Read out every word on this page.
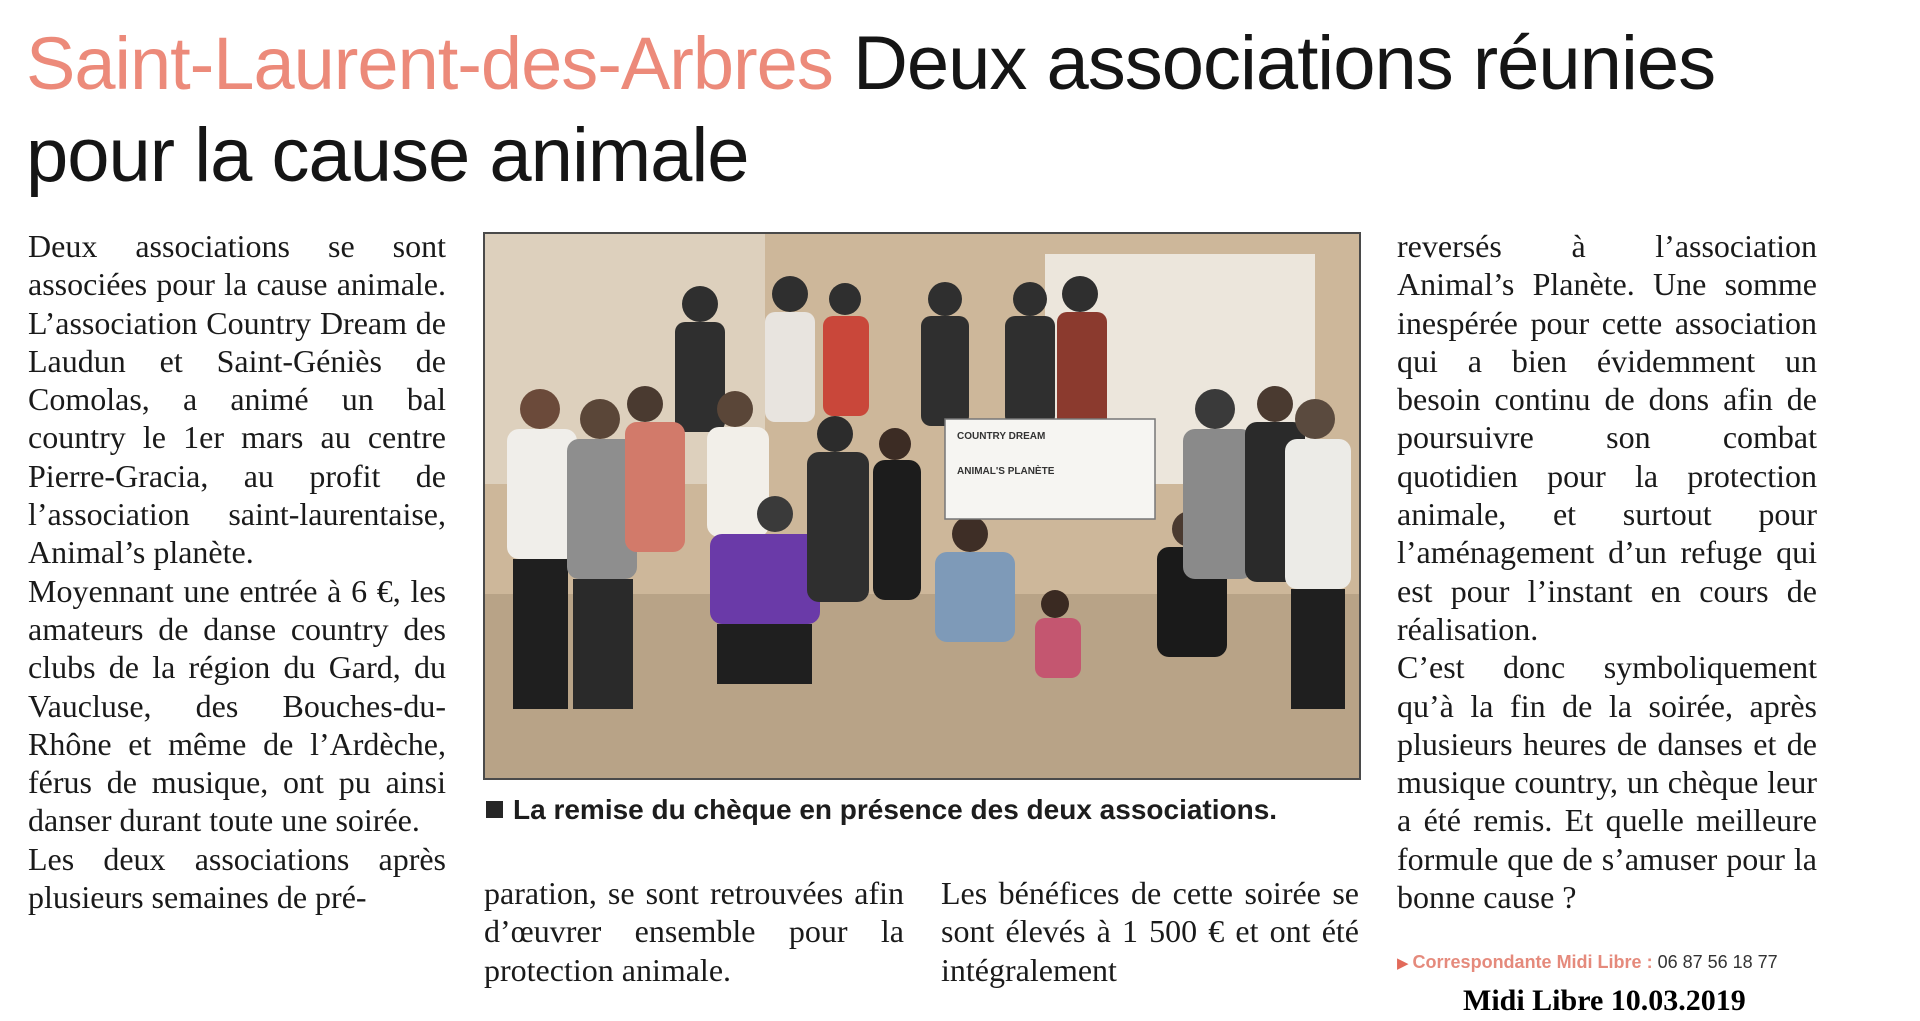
Saint-Laurent-des-Arbres Deux associations réunies
pour la cause animale

Deux associations se sont associées pour la cause animale. L’association Country Dream de Laudun et Saint-Géniès de Comolas, a animé un bal country le 1er mars au centre Pierre-Gracia, au profit de l’association saint-laurentaise, Animal’s planète.

Moyennant une entrée à 6 €, les amateurs de danse country des clubs de la région du Gard, du Vaucluse, des Bouches-du-Rhône et même de l’Ardèche, férus de musique, ont pu ainsi danser durant toute une soirée.

Les deux associations après plusieurs semaines de pré-

COUNTRY DREAM
ANIMAL'S PLANÈTE
La remise du chèque en présence des deux associations.

paration, se sont retrouvées afin d’œuvrer ensemble pour la protection animale.

Les bénéfices de cette soirée se sont élevés à 1 500 € et ont été intégralement

reversés à l’association Animal’s Planète. Une somme inespérée pour cette association qui a bien évidemment un besoin continu de dons afin de poursuivre son combat quotidien pour la protection animale, et surtout pour l’aménagement d’un refuge qui est pour l’instant en cours de réalisation.

C’est donc symboliquement qu’à la fin de la soirée, après plusieurs heures de danses et de musique country, un chèque leur a été remis. Et quelle meilleure formule que de s’amuser pour la bonne cause ?

▶ Correspondante Midi Libre : 06 87 56 18 77
Midi Libre 10.03.2019
